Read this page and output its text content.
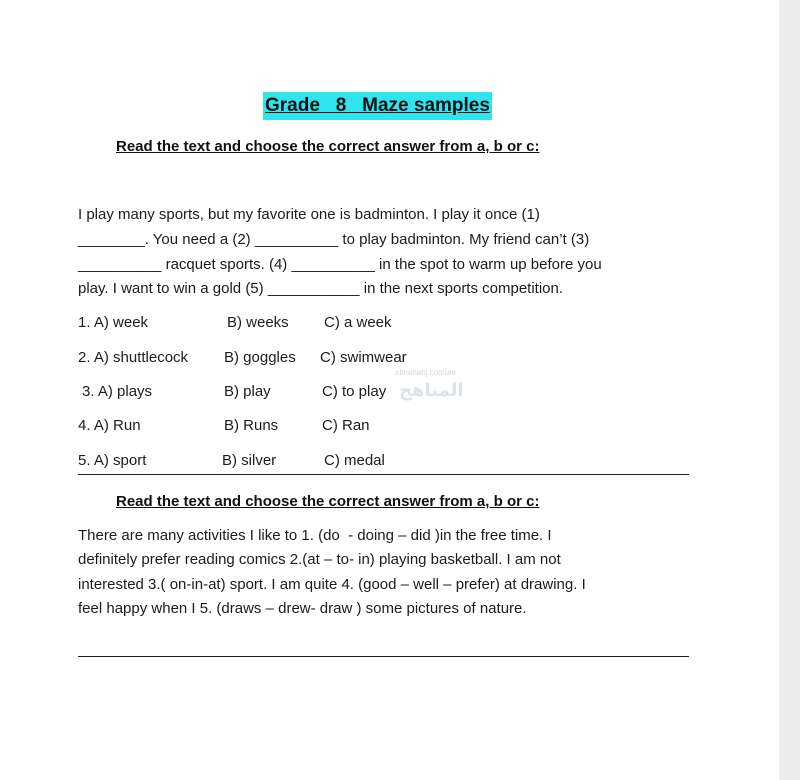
Grade   8   Maze samples
Read the text and choose the correct answer from a, b or c:
I play many sports, but my favorite one is badminton. I play it once (1)
________. You need a (2) __________ to play badminton. My friend can’t (3)
__________ racquet sports. (4) __________ in the spot to warm up before you
play. I want to win a gold (5) ___________ in the next sports competition.
1. A) week	B) weeks C) a week
2. A) shuttlecock B) goggles C) swimwear
3. A) plays	B) play	C) to play
4. A) Run	B) Runs	C) Ran
5. A) sport	B) silver	C) medal
Read the text and choose the correct answer from a, b or c:
There are many activities I like to 1. (do  - doing – did )in the free time. I
definitely prefer reading comics 2.(at – to- in) playing basketball. I am not
interested 3.( on-in-at) sport. I am quite 4. (good – well – prefer) at drawing. I
feel happy when I 5. (draws – drew- draw ) some pictures of nature.
almanahj.com/ae
المناهج
